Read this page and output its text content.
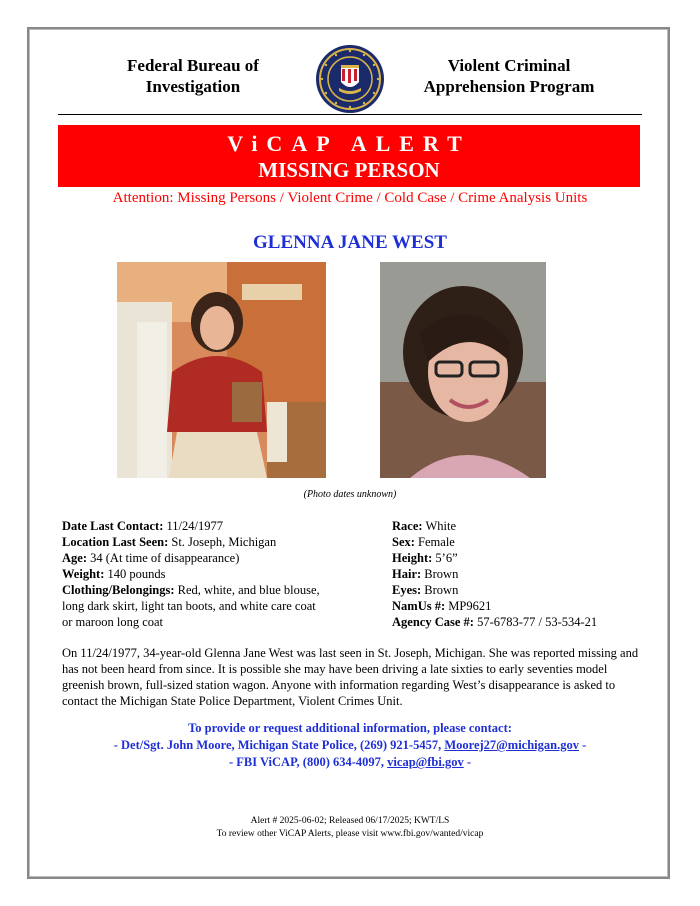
Federal Bureau of
Investigation
Violent Criminal
Apprehension Program
ViCAP ALERT
MISSING PERSON
Attention: Missing Persons / Violent Crime / Cold Case / Crime Analysis Units
GLENNA JANE WEST
(Photo dates unknown)
Date Last Contact: 11/24/1977
Location Last Seen: St. Joseph, Michigan
Age: 34 (At time of disappearance)
Weight: 140 pounds
Clothing/Belongings: Red, white, and blue blouse, long dark skirt, light tan boots, and white care coat or maroon long coat
Race: White
Sex: Female
Height: 5’6”
Hair: Brown
Eyes: Brown
NamUs #: MP9621
Agency Case #: 57-6783-77 / 53-534-21
On 11/24/1977, 34-year-old Glenna Jane West was last seen in St. Joseph, Michigan. She was reported missing and has not been heard from since. It is possible she may have been driving a late sixties to early seventies model greenish brown, full-sized station wagon. Anyone with information regarding West’s disappearance is asked to contact the Michigan State Police Department, Violent Crimes Unit.
To provide or request additional information, please contact:
- Det/Sgt. John Moore, Michigan State Police, (269) 921-5457, Moorej27@michigan.gov -
- FBI ViCAP, (800) 634-4097, vicap@fbi.gov -
Alert # 2025-06-02; Released 06/17/2025; KWT/LS
To review other ViCAP Alerts, please visit www.fbi.gov/wanted/vicap
